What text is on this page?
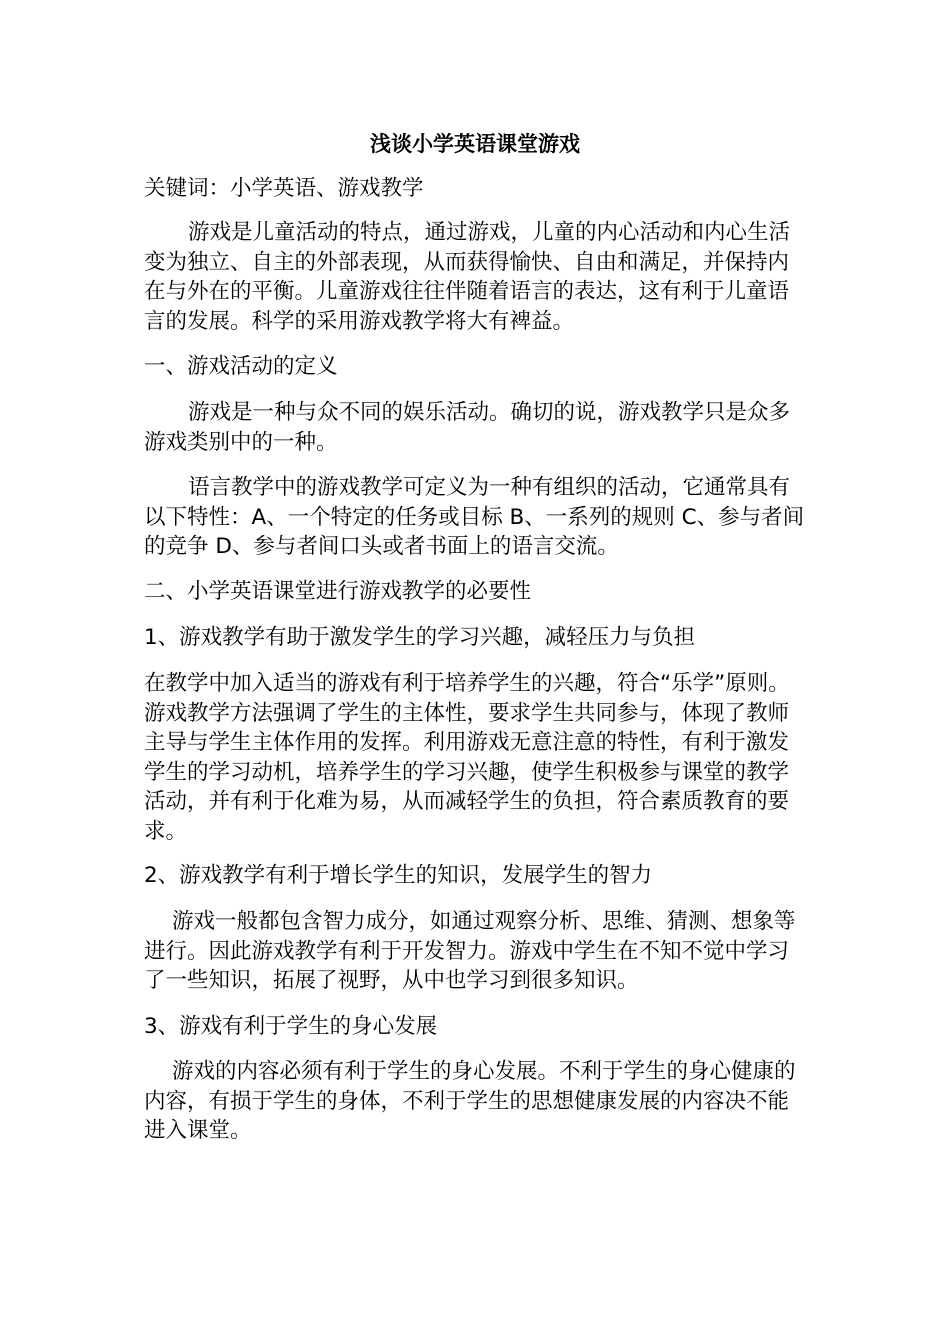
浅谈小学英语课堂游戏

关键词：小学英语、游戏教学

游戏是儿童活动的特点，通过游戏，儿童的内心活动和内心生活变为独立、自主的外部表现，从而获得愉快、自由和满足，并保持内在与外在的平衡。儿童游戏往往伴随着语言的表达，这有利于儿童语言的发展。科学的采用游戏教学将大有裨益。

一、游戏活动的定义

游戏是一种与众不同的娱乐活动。确切的说，游戏教学只是众多游戏类别中的一种。

语言教学中的游戏教学可定义为一种有组织的活动，它通常具有以下特性：A、一个特定的任务或目标 B、一系列的规则 C、参与者间的竞争 D、参与者间口头或者书面上的语言交流。

二、小学英语课堂进行游戏教学的必要性

1、游戏教学有助于激发学生的学习兴趣，减轻压力与负担

在教学中加入适当的游戏有利于培养学生的兴趣，符合“乐学”原则。游戏教学方法强调了学生的主体性，要求学生共同参与，体现了教师主导与学生主体作用的发挥。利用游戏无意注意的特性，有利于激发学生的学习动机，培养学生的学习兴趣，使学生积极参与课堂的教学活动，并有利于化难为易，从而减轻学生的负担，符合素质教育的要求。

2、游戏教学有利于增长学生的知识，发展学生的智力

游戏一般都包含智力成分，如通过观察分析、思维、猜测、想象等进行。因此游戏教学有利于开发智力。游戏中学生在不知不觉中学习了一些知识，拓展了视野，从中也学习到很多知识。

3、游戏有利于学生的身心发展

游戏的内容必须有利于学生的身心发展。不利于学生的身心健康的内容，有损于学生的身体，不利于学生的思想健康发展的内容决不能进入课堂。
